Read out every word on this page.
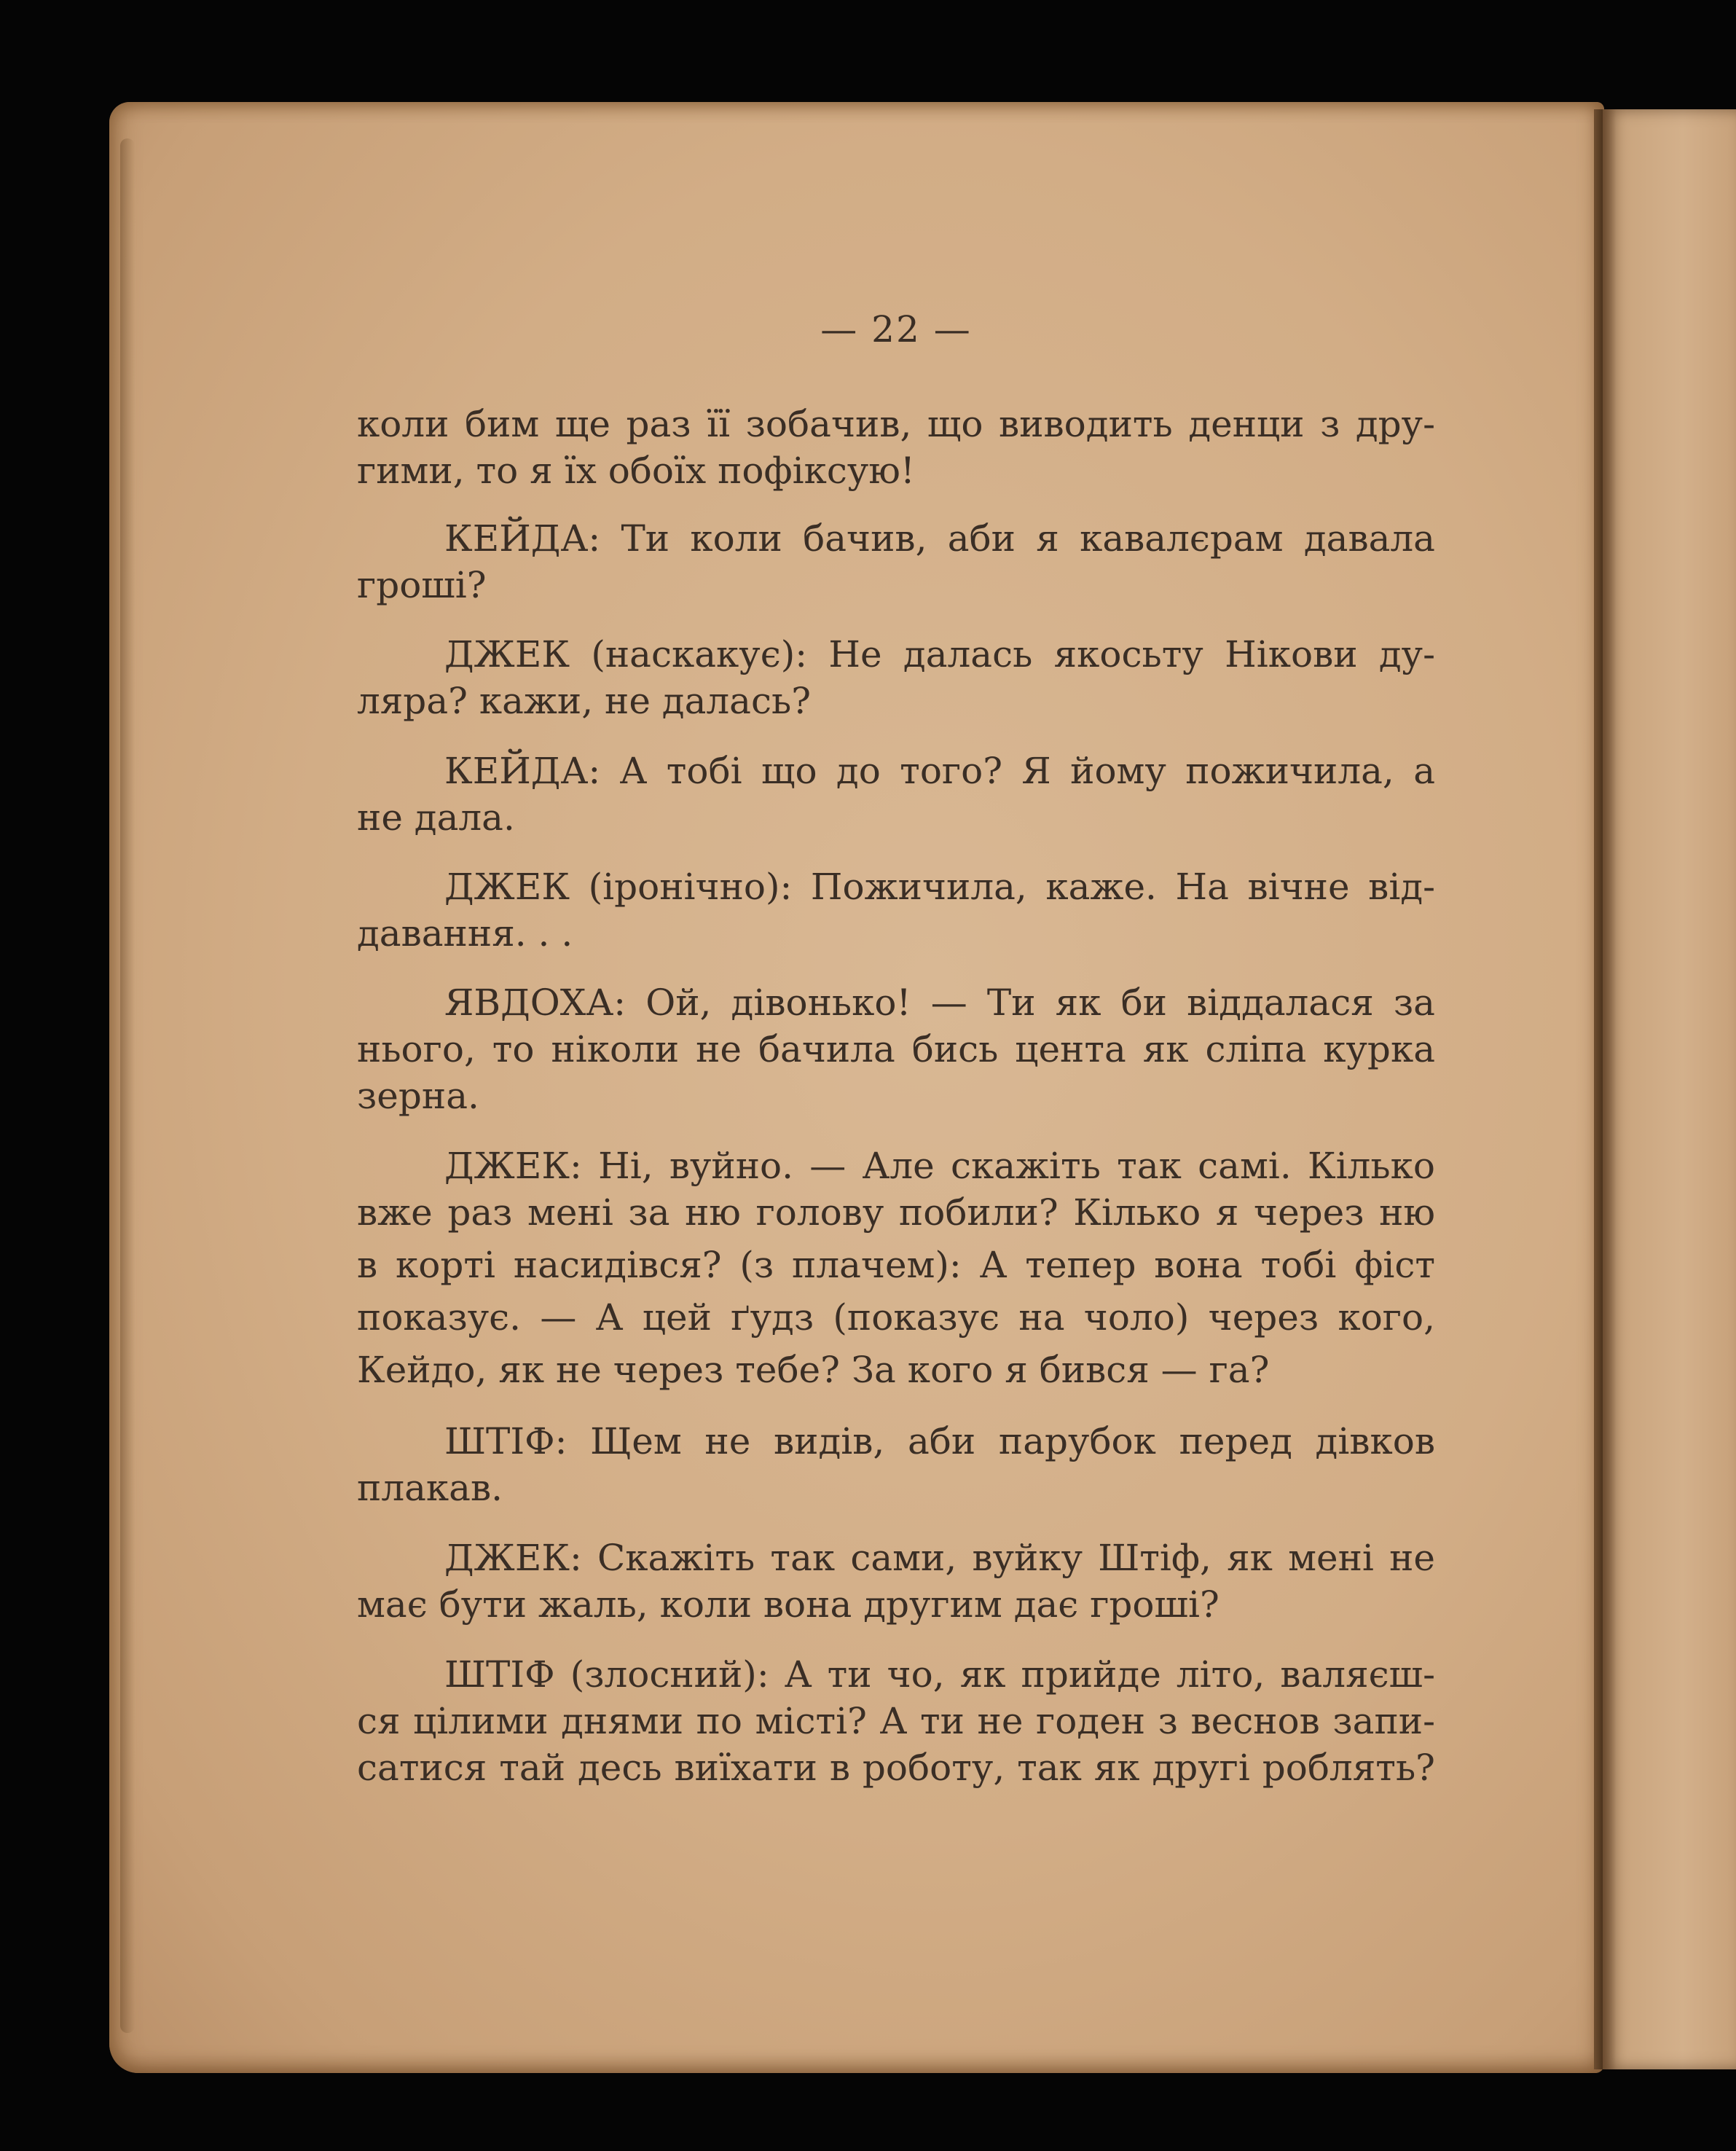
— 22 —
коли бим ще раз її зобачив, що виводить денци з дру-
гими, то я їх обоїх пофіксую!
КЕЙДА: Ти коли бачив, аби я кавалєрам давала
гроші?
ДЖЕК (наскакує): Не далась якосьту Нікови ду-
ляра? кажи, не далась?
КЕЙДА: А тобі що до того? Я йому пожичила, а
не дала.
ДЖЕК (іронічно): Пожичила, каже. На вічне від-
давання. . .
ЯВДОХА: Ой, дівонько! — Ти як би віддалася за
нього, то ніколи не бачила бись цента як сліпа курка
зерна.
ДЖЕК: Ні, вуйно. — Але скажіть так самі. Кілько
вже раз мені за ню голову побили? Кілько я через ню
в корті насидівся? (з плачем): А тепер вона тобі фіст
показує. — А цей ґудз (показує на чоло) через кого,
Кейдо, як не через тебе? За кого я бився — га?
ШТІФ: Щем не видів, аби парубок перед дівков
плакав.
ДЖЕК: Скажіть так сами, вуйку Штіф, як мені не
має бути жаль, коли вона другим дає гроші?
ШТІФ (злосний): А ти чо, як прийде літо, валяєш-
ся цілими днями по місті? А ти не годен з веснов запи-
сатися тай десь виїхати в роботу, так як другі роблять?
